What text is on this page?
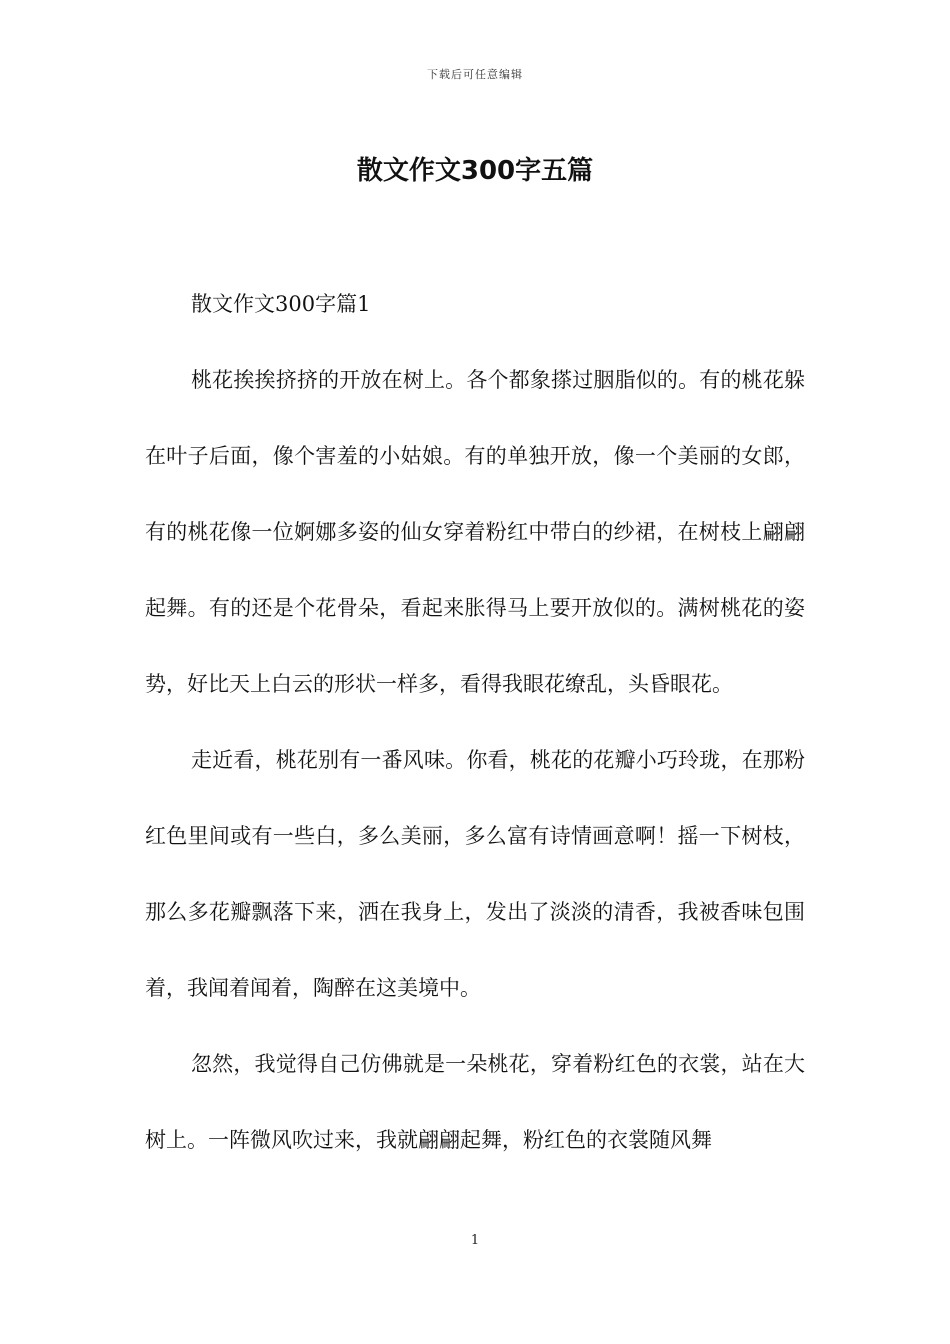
下载后可任意编辑
散文作文300字五篇

散文作文300字篇1

桃花挨挨挤挤的开放在树上。各个都象搽过胭脂似的。有的桃花躲在叶子后面，像个害羞的小姑娘。有的单独开放，像一个美丽的女郎，有的桃花像一位婀娜多姿的仙女穿着粉红中带白的纱裙，在树枝上翩翩起舞。有的还是个花骨朵，看起来胀得马上要开放似的。满树桃花的姿势，好比天上白云的形状一样多，看得我眼花缭乱，头昏眼花。

走近看，桃花别有一番风味。你看，桃花的花瓣小巧玲珑，在那粉红色里间或有一些白，多么美丽，多么富有诗情画意啊！摇一下树枝，那么多花瓣飘落下来，洒在我身上，发出了淡淡的清香，我被香味包围着，我闻着闻着，陶醉在这美境中。

忽然，我觉得自己仿佛就是一朵桃花，穿着粉红色的衣裳，站在大树上。一阵微风吹过来，我就翩翩起舞，粉红色的衣裳随风舞

1
